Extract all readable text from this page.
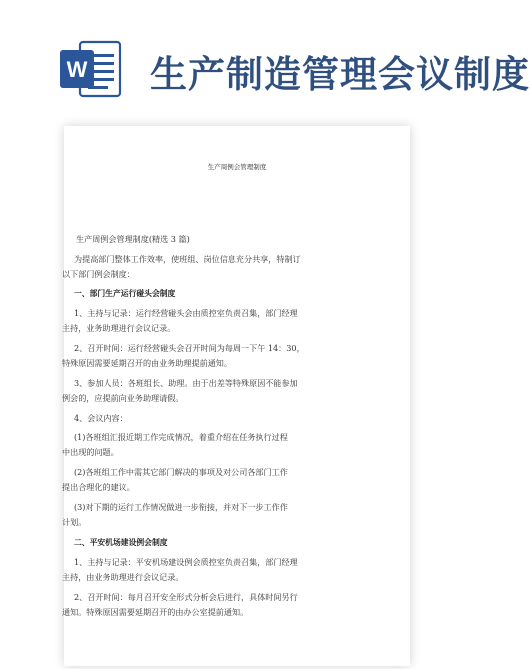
W 生产制造管理会议制度
生产周例会管理制度
生产周例会管理制度(精选 3 篇)
为提高部门整体工作效率，使班组、岗位信息充分共享，特制订
以下部门例会制度：
一、部门生产运行碰头会制度
1、主持与记录：运行经营碰头会由质控室负责召集，部门经理
主持，业务助理进行会议记录。
2、召开时间：运行经营碰头会召开时间为每周一下午 14：30，
特殊原因需要延期召开的由业务助理提前通知。
3、参加人员：各班组长、助理。由于出差等特殊原因不能参加
例会的，应提前向业务助理请假。
4、会议内容：
(1)各班组汇报近期工作完成情况，着重介绍在任务执行过程
中出现的问题。
(2)各班组工作中需其它部门解决的事项及对公司各部门工作
提出合理化的建议。
(3)对下期的运行工作情况做进一步衔接，并对下一步工作作
计划。
二、平安机场建设例会制度
1、主持与记录：平安机场建设例会质控室负责召集，部门经理
主持，由业务助理进行会议记录。
2、召开时间：每月召开安全形式分析会后进行，具体时间另行
通知。特殊原因需要延期召开的由办公室提前通知。
